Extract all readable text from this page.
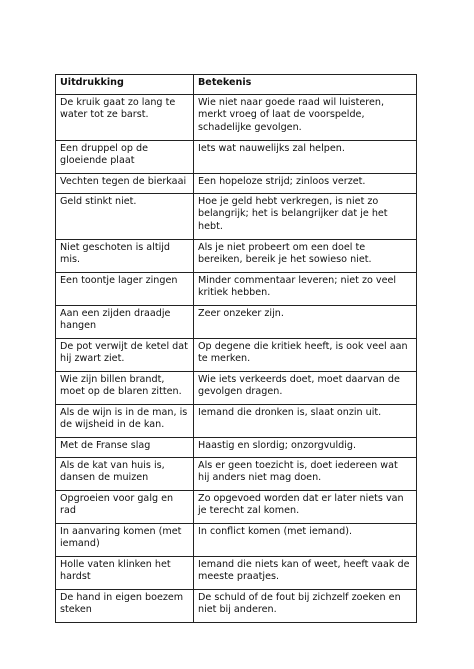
Uitdrukking	Betekenis
De kruik gaat zo lang te water tot ze barst.	Wie niet naar goede raad wil luisteren, merkt vroeg of laat de voorspelde, schadelijke gevolgen.
Een druppel op de gloeiende plaat	Iets wat nauwelijks zal helpen.
Vechten tegen de bierkaai	Een hopeloze strijd; zinloos verzet.
Geld stinkt niet.	Hoe je geld hebt verkregen, is niet zo belangrijk; het is belangrijker dat je het hebt.
Niet geschoten is altijd mis.	Als je niet probeert om een doel te bereiken, bereik je het sowieso niet.
Een toontje lager zingen	Minder commentaar leveren; niet zo veel kritiek hebben.
Aan een zijden draadje hangen	Zeer onzeker zijn.
De pot verwijt de ketel dat hij zwart ziet.	Op degene die kritiek heeft, is ook veel aan te merken.
Wie zijn billen brandt, moet op de blaren zitten.	Wie iets verkeerds doet, moet daarvan de gevolgen dragen.
Als de wijn is in de man, is de wijsheid in de kan.	Iemand die dronken is, slaat onzin uit.
Met de Franse slag	Haastig en slordig; onzorgvuldig.
Als de kat van huis is, dansen de muizen	Als er geen toezicht is, doet iedereen wat hij anders niet mag doen.
Opgroeien voor galg en rad	Zo opgevoed worden dat er later niets van je terecht zal komen.
In aanvaring komen (met iemand)	In conflict komen (met iemand).
Holle vaten klinken het hardst	Iemand die niets kan of weet, heeft vaak de meeste praatjes.
De hand in eigen boezem steken	De schuld of de fout bij zichzelf zoeken en niet bij anderen.
